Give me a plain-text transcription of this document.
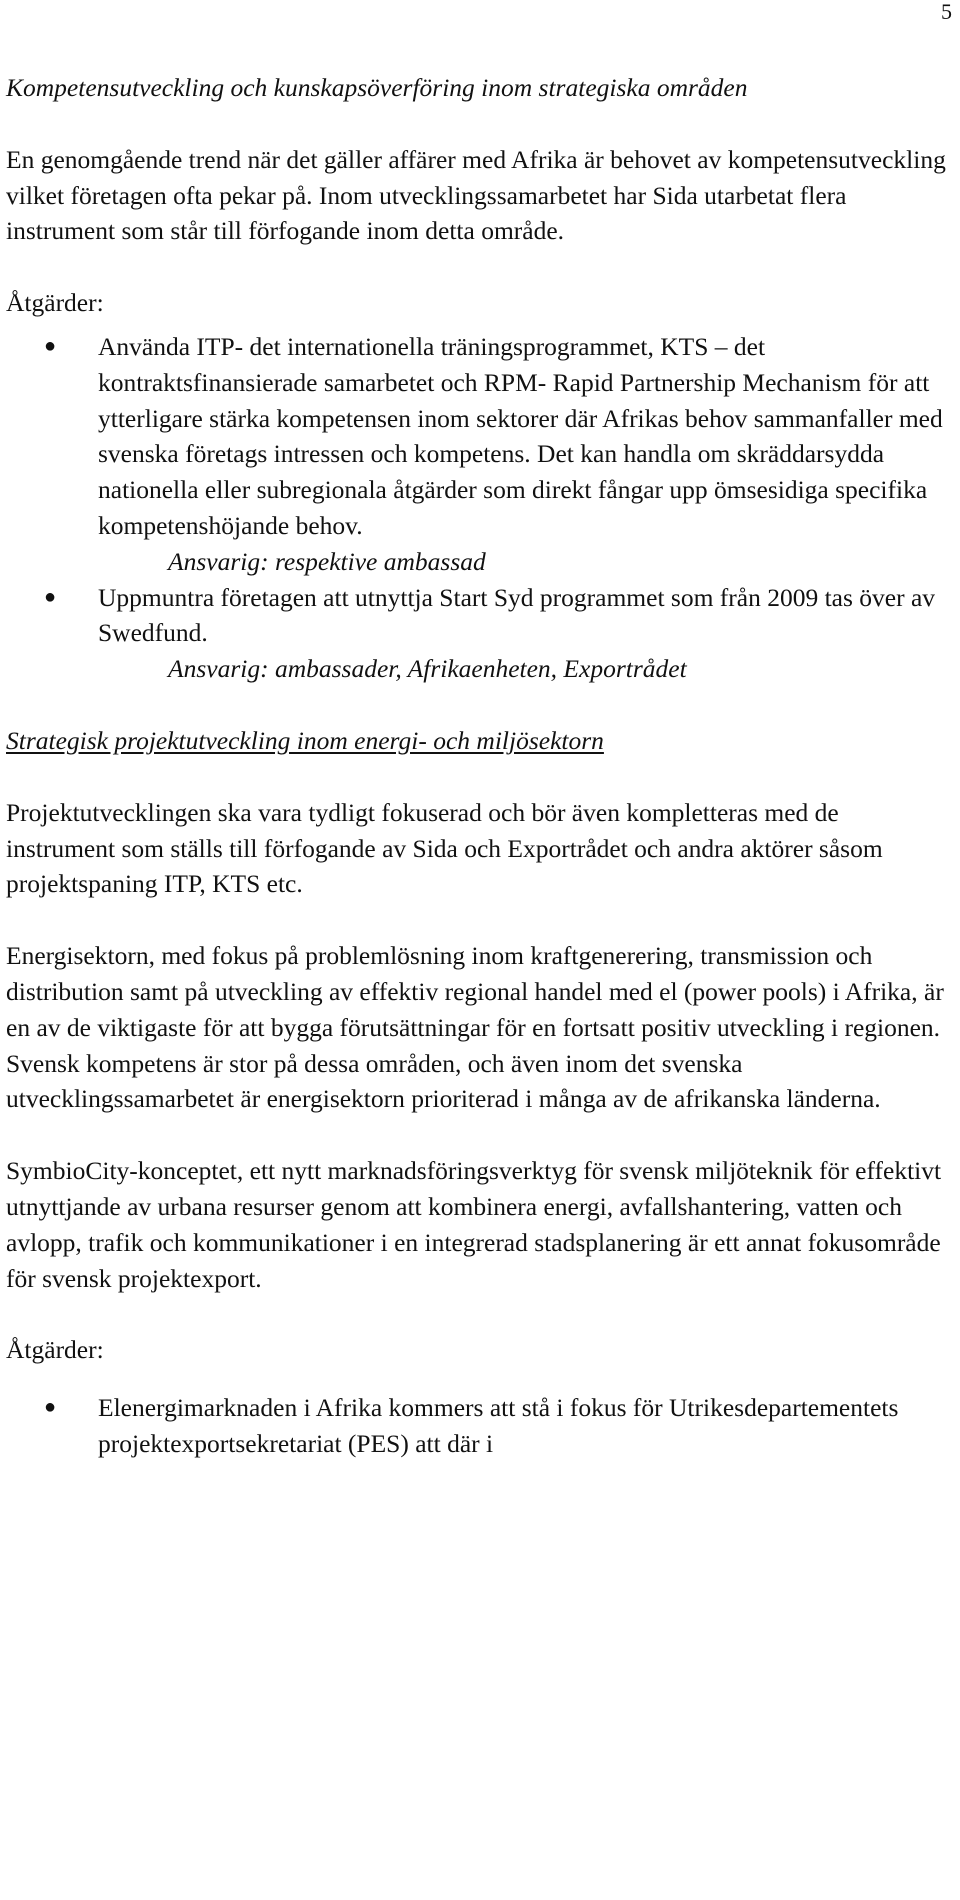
5
Kompetensutveckling och kunskapsöverföring inom strategiska områden

En genomgående trend när det gäller affärer med Afrika är behovet av kompetensutveckling vilket företagen ofta pekar på. Inom utvecklingssamarbetet har Sida utarbetat flera instrument som står till förfogande inom detta område.

Åtgärder:
● Använda ITP- det internationella träningsprogrammet, KTS – det kontraktsfinansierade samarbetet och RPM- Rapid Partnership Mechanism för att ytterligare stärka kompetensen inom sektorer där Afrikas behov sammanfaller med svenska företags intressen och kompetens. Det kan handla om skräddarsydda nationella eller subregionala åtgärder som direkt fångar upp ömsesidiga specifika kompetenshöjande behov.
Ansvarig: respektive ambassad
● Uppmuntra företagen att utnyttja Start Syd programmet som från 2009 tas över av Swedfund.
Ansvarig: ambassader, Afrikaenheten, Exportrådet
Strategisk projektutveckling inom energi- och miljösektorn

Projektutvecklingen ska vara tydligt fokuserad och bör även kompletteras med de instrument som ställs till förfogande av Sida och Exportrådet och andra aktörer såsom projektspaning ITP, KTS etc.

Energisektorn, med fokus på problemlösning inom kraftgenerering, transmission och distribution samt på utveckling av effektiv regional handel med el (power pools) i Afrika, är en av de viktigaste för att bygga förutsättningar för en fortsatt positiv utveckling i regionen. Svensk kompetens är stor på dessa områden, och även inom det svenska utvecklingssamarbetet är energisektorn prioriterad i många av de afrikanska länderna.

SymbioCity-konceptet, ett nytt marknadsföringsverktyg för svensk miljöteknik för effektivt utnyttjande av urbana resurser genom att kombinera energi, avfallshantering, vatten och avlopp, trafik och kommunikationer i en integrerad stadsplanering är ett annat fokusområde för svensk projektexport.

Åtgärder:
● Elenergimarknaden i Afrika kommers att stå i fokus för Utrikesdepartementets projektexportsekretariat (PES) att där i
